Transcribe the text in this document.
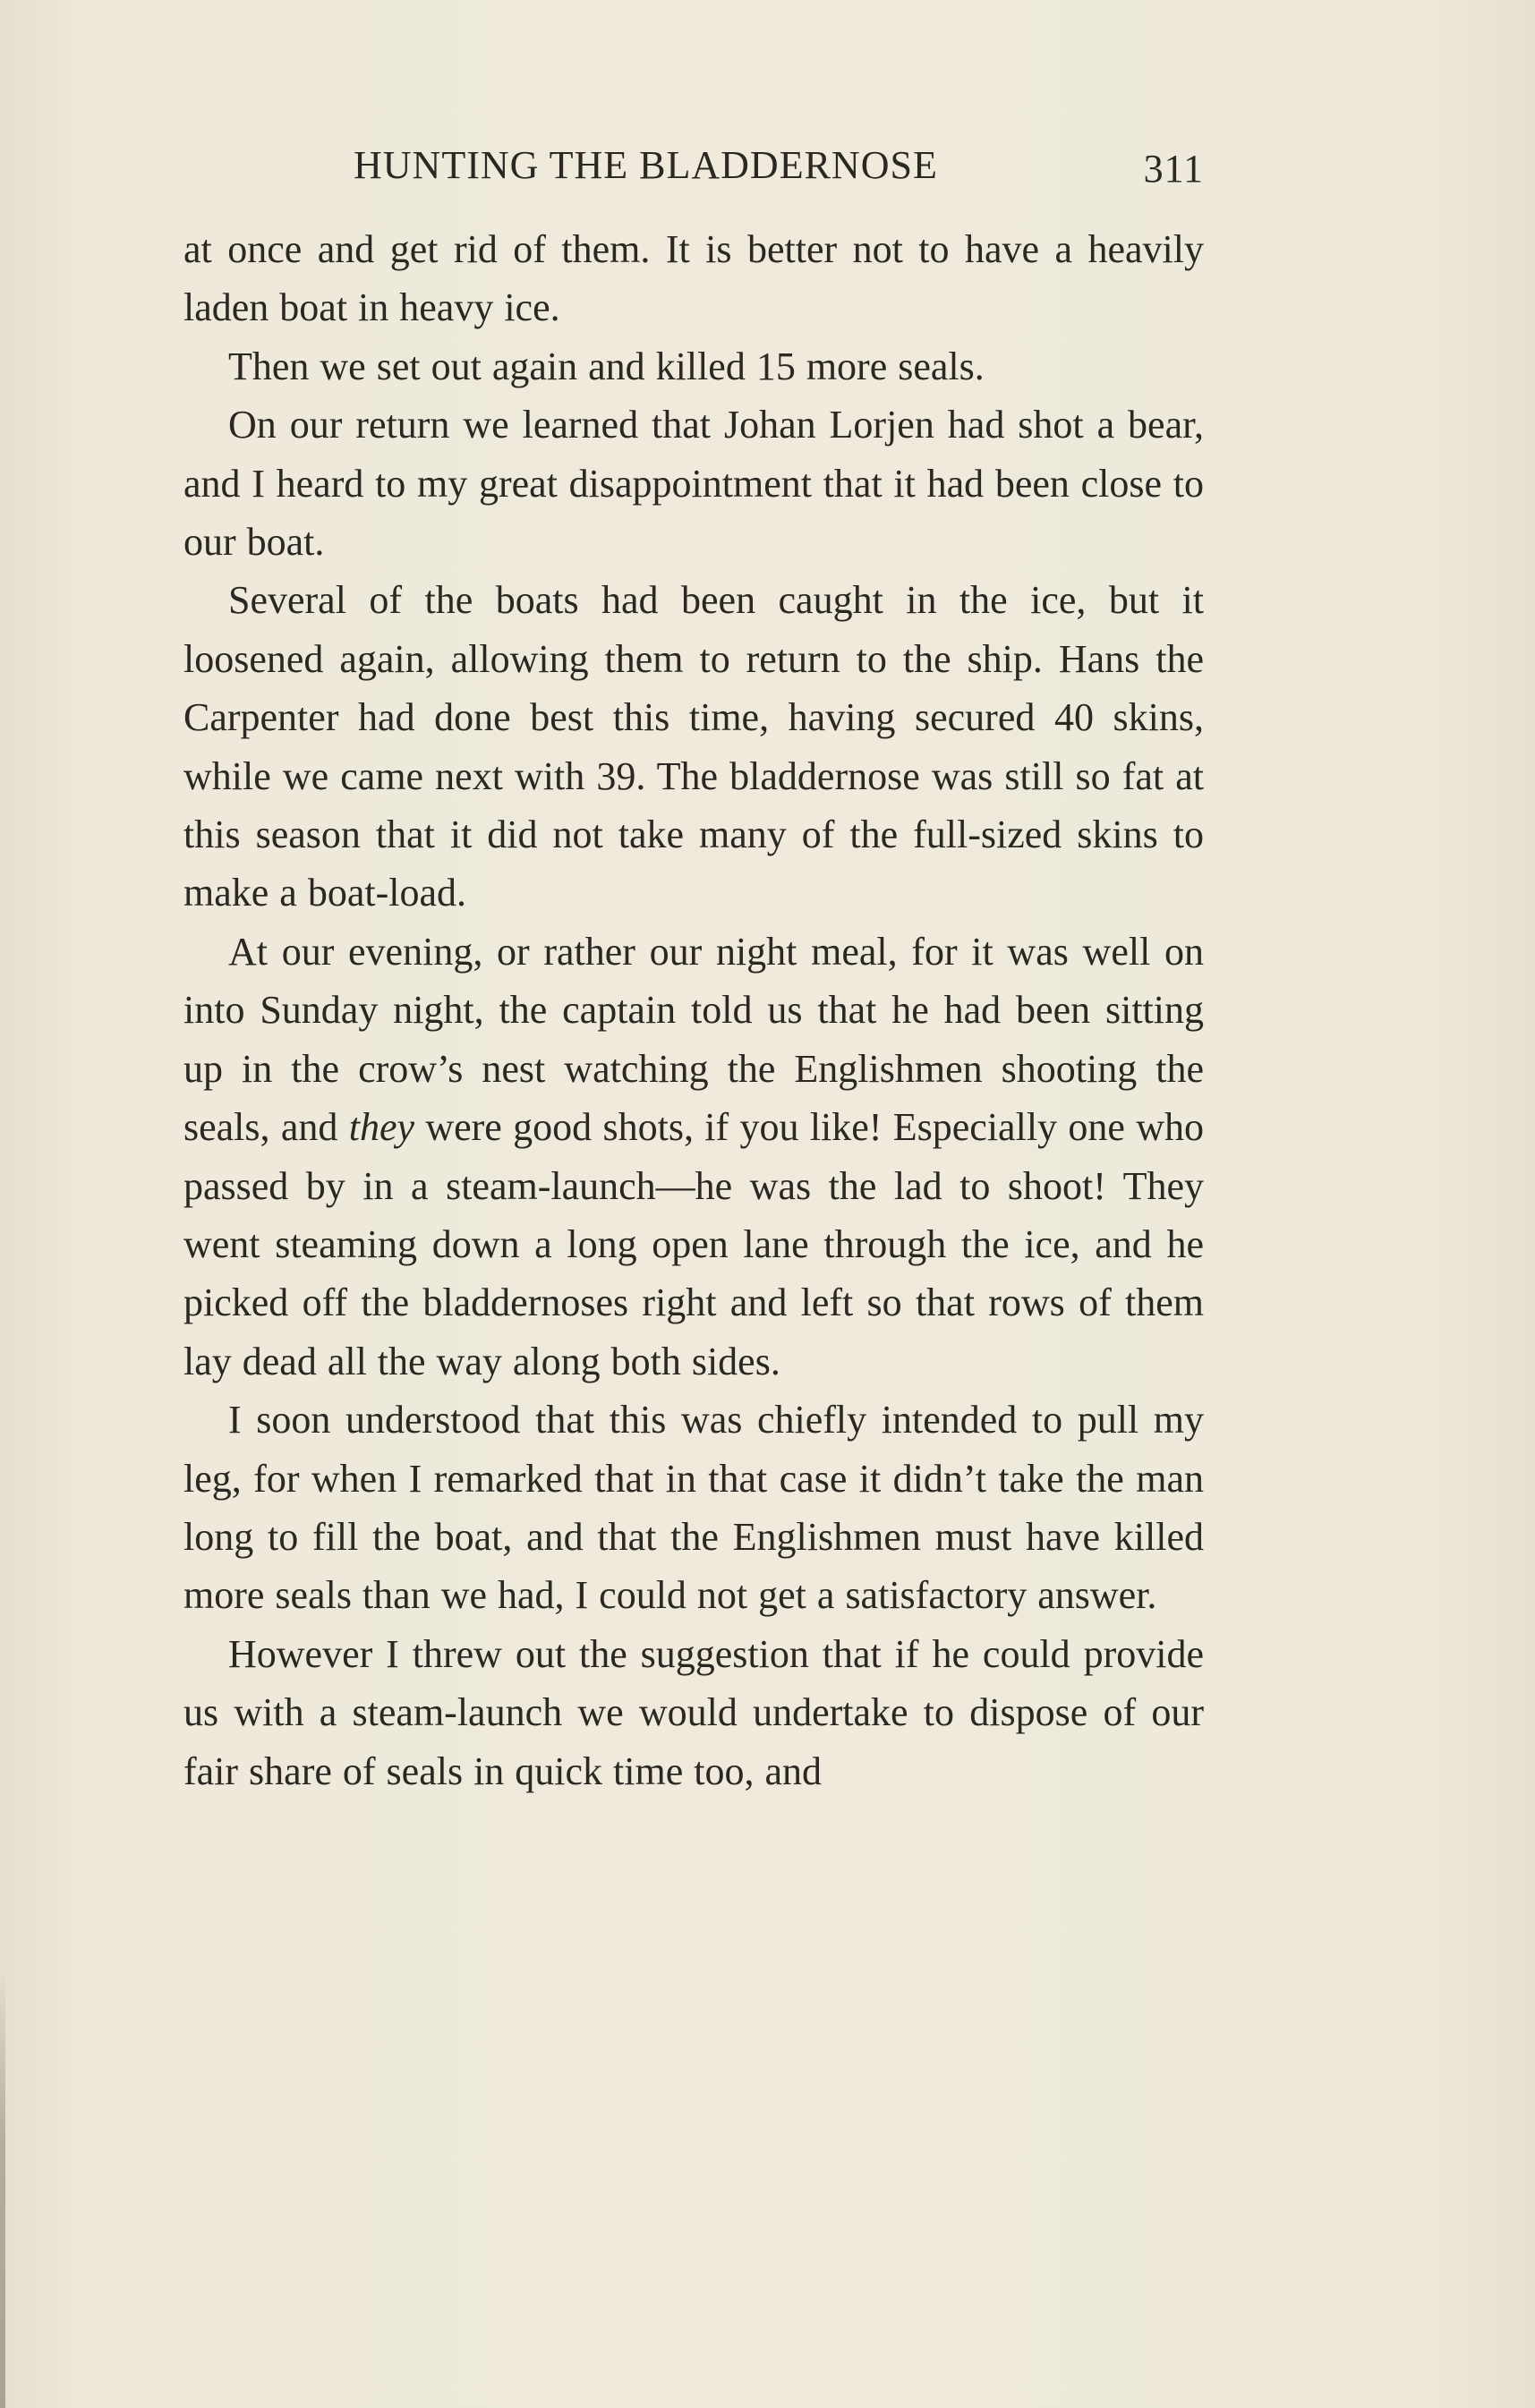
HUNTING THE BLADDERNOSE	311

at once and get rid of them. It is better not to have a heavily laden boat in heavy ice.

Then we set out again and killed 15 more seals.

On our return we learned that Johan Lorjen had shot a bear, and I heard to my great disappointment that it had been close to our boat.

Several of the boats had been caught in the ice, but it loosened again, allowing them to return to the ship. Hans the Carpenter had done best this time, having secured 40 skins, while we came next with 39. The bladdernose was still so fat at this season that it did not take many of the full-sized skins to make a boat-load.

At our evening, or rather our night meal, for it was well on into Sunday night, the captain told us that he had been sitting up in the crow’s nest watching the Englishmen shooting the seals, and they were good shots, if you like! Especially one who passed by in a steam-launch—he was the lad to shoot! They went steaming down a long open lane through the ice, and he picked off the bladdernoses right and left so that rows of them lay dead all the way along both sides.

I soon understood that this was chiefly intended to pull my leg, for when I remarked that in that case it didn’t take the man long to fill the boat, and that the Englishmen must have killed more seals than we had, I could not get a satisfactory answer.

However I threw out the suggestion that if he could provide us with a steam-launch we would undertake to dispose of our fair share of seals in quick time too, and
